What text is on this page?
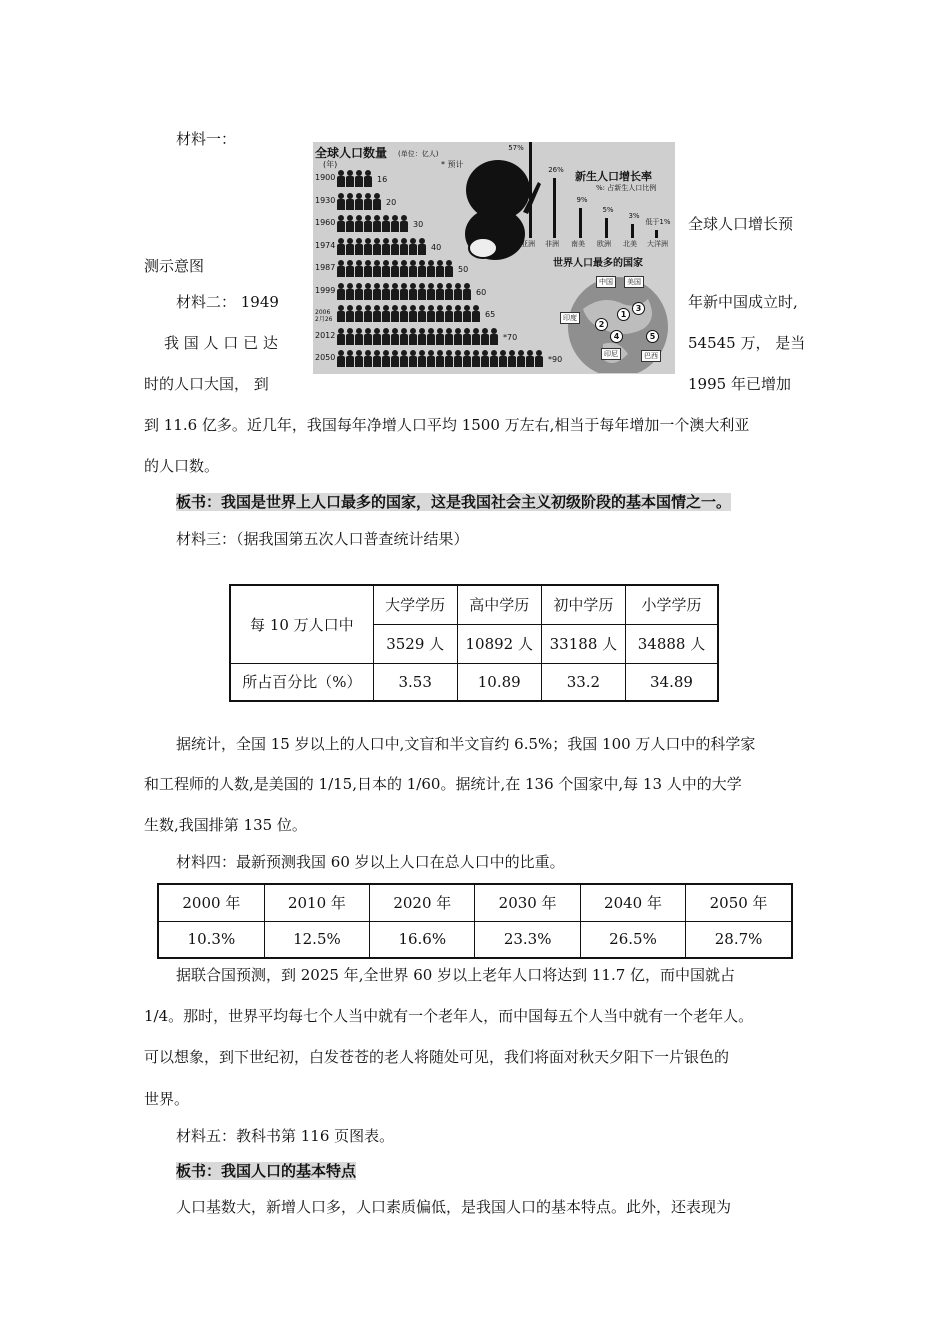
材料一：
全球人口增长预
测示意图
材料二： 1949	年新中国成立时,
我 国 人 口 已 达	54545 万， 是当
时的人口大国， 到	1995 年已增加
到 11.6 亿多。近几年，我国每年净增人口平均 1500 万左右,相当于每年增加一个澳大利亚
的人口数。
板书：我国是世界上人口最多的国家，这是我国社会主义初级阶段的基本国情之一。
材料三：（据我国第五次人口普查统计结果）
全球人口数量 (单位：亿人)
(年)	* 预计
1900	16
1930	20
1960	30
1974	40
1987	50
1999	60
2006
2月26
65
2012	*70
2050	*90
新生人口增长率
%: 占新生人口比例
57%
亚洲
26%
非洲
9%
南美
5%
欧洲
3%
北美
低于1%
大洋洲
世界人口最多的国家
中国
1
印度
2
美国
3
印尼
4
巴西
5
每 10 万人口中	大学学历	高中学历	初中学历	小学学历
	3529 人	10892 人	33188 人	34888 人
所占百分比（%）	3.53	10.89	33.2	34.89
据统计，全国 15 岁以上的人口中,文盲和半文盲约 6.5%；我国 100 万人口中的科学家
和工程师的人数,是美国的 1/15,日本的 1/60。据统计,在 136 个国家中,每 13 人中的大学
生数,我国排第 135 位。
材料四：最新预测我国 60 岁以上人口在总人口中的比重。
2000 年	2010 年	2020 年	2030 年	2040 年	2050 年
10.3%	12.5%	16.6%	23.3%	26.5%	28.7%
据联合国预测，到 2025 年,全世界 60 岁以上老年人口将达到 11.7 亿，而中国就占
1/4。那时，世界平均每七个人当中就有一个老年人，而中国每五个人当中就有一个老年人。
可以想象，到下世纪初，白发苍苍的老人将随处可见，我们将面对秋天夕阳下一片银色的
世界。
材料五：教科书第 116 页图表。
板书：我国人口的基本特点
人口基数大，新增人口多，人口素质偏低，是我国人口的基本特点。此外，还表现为
